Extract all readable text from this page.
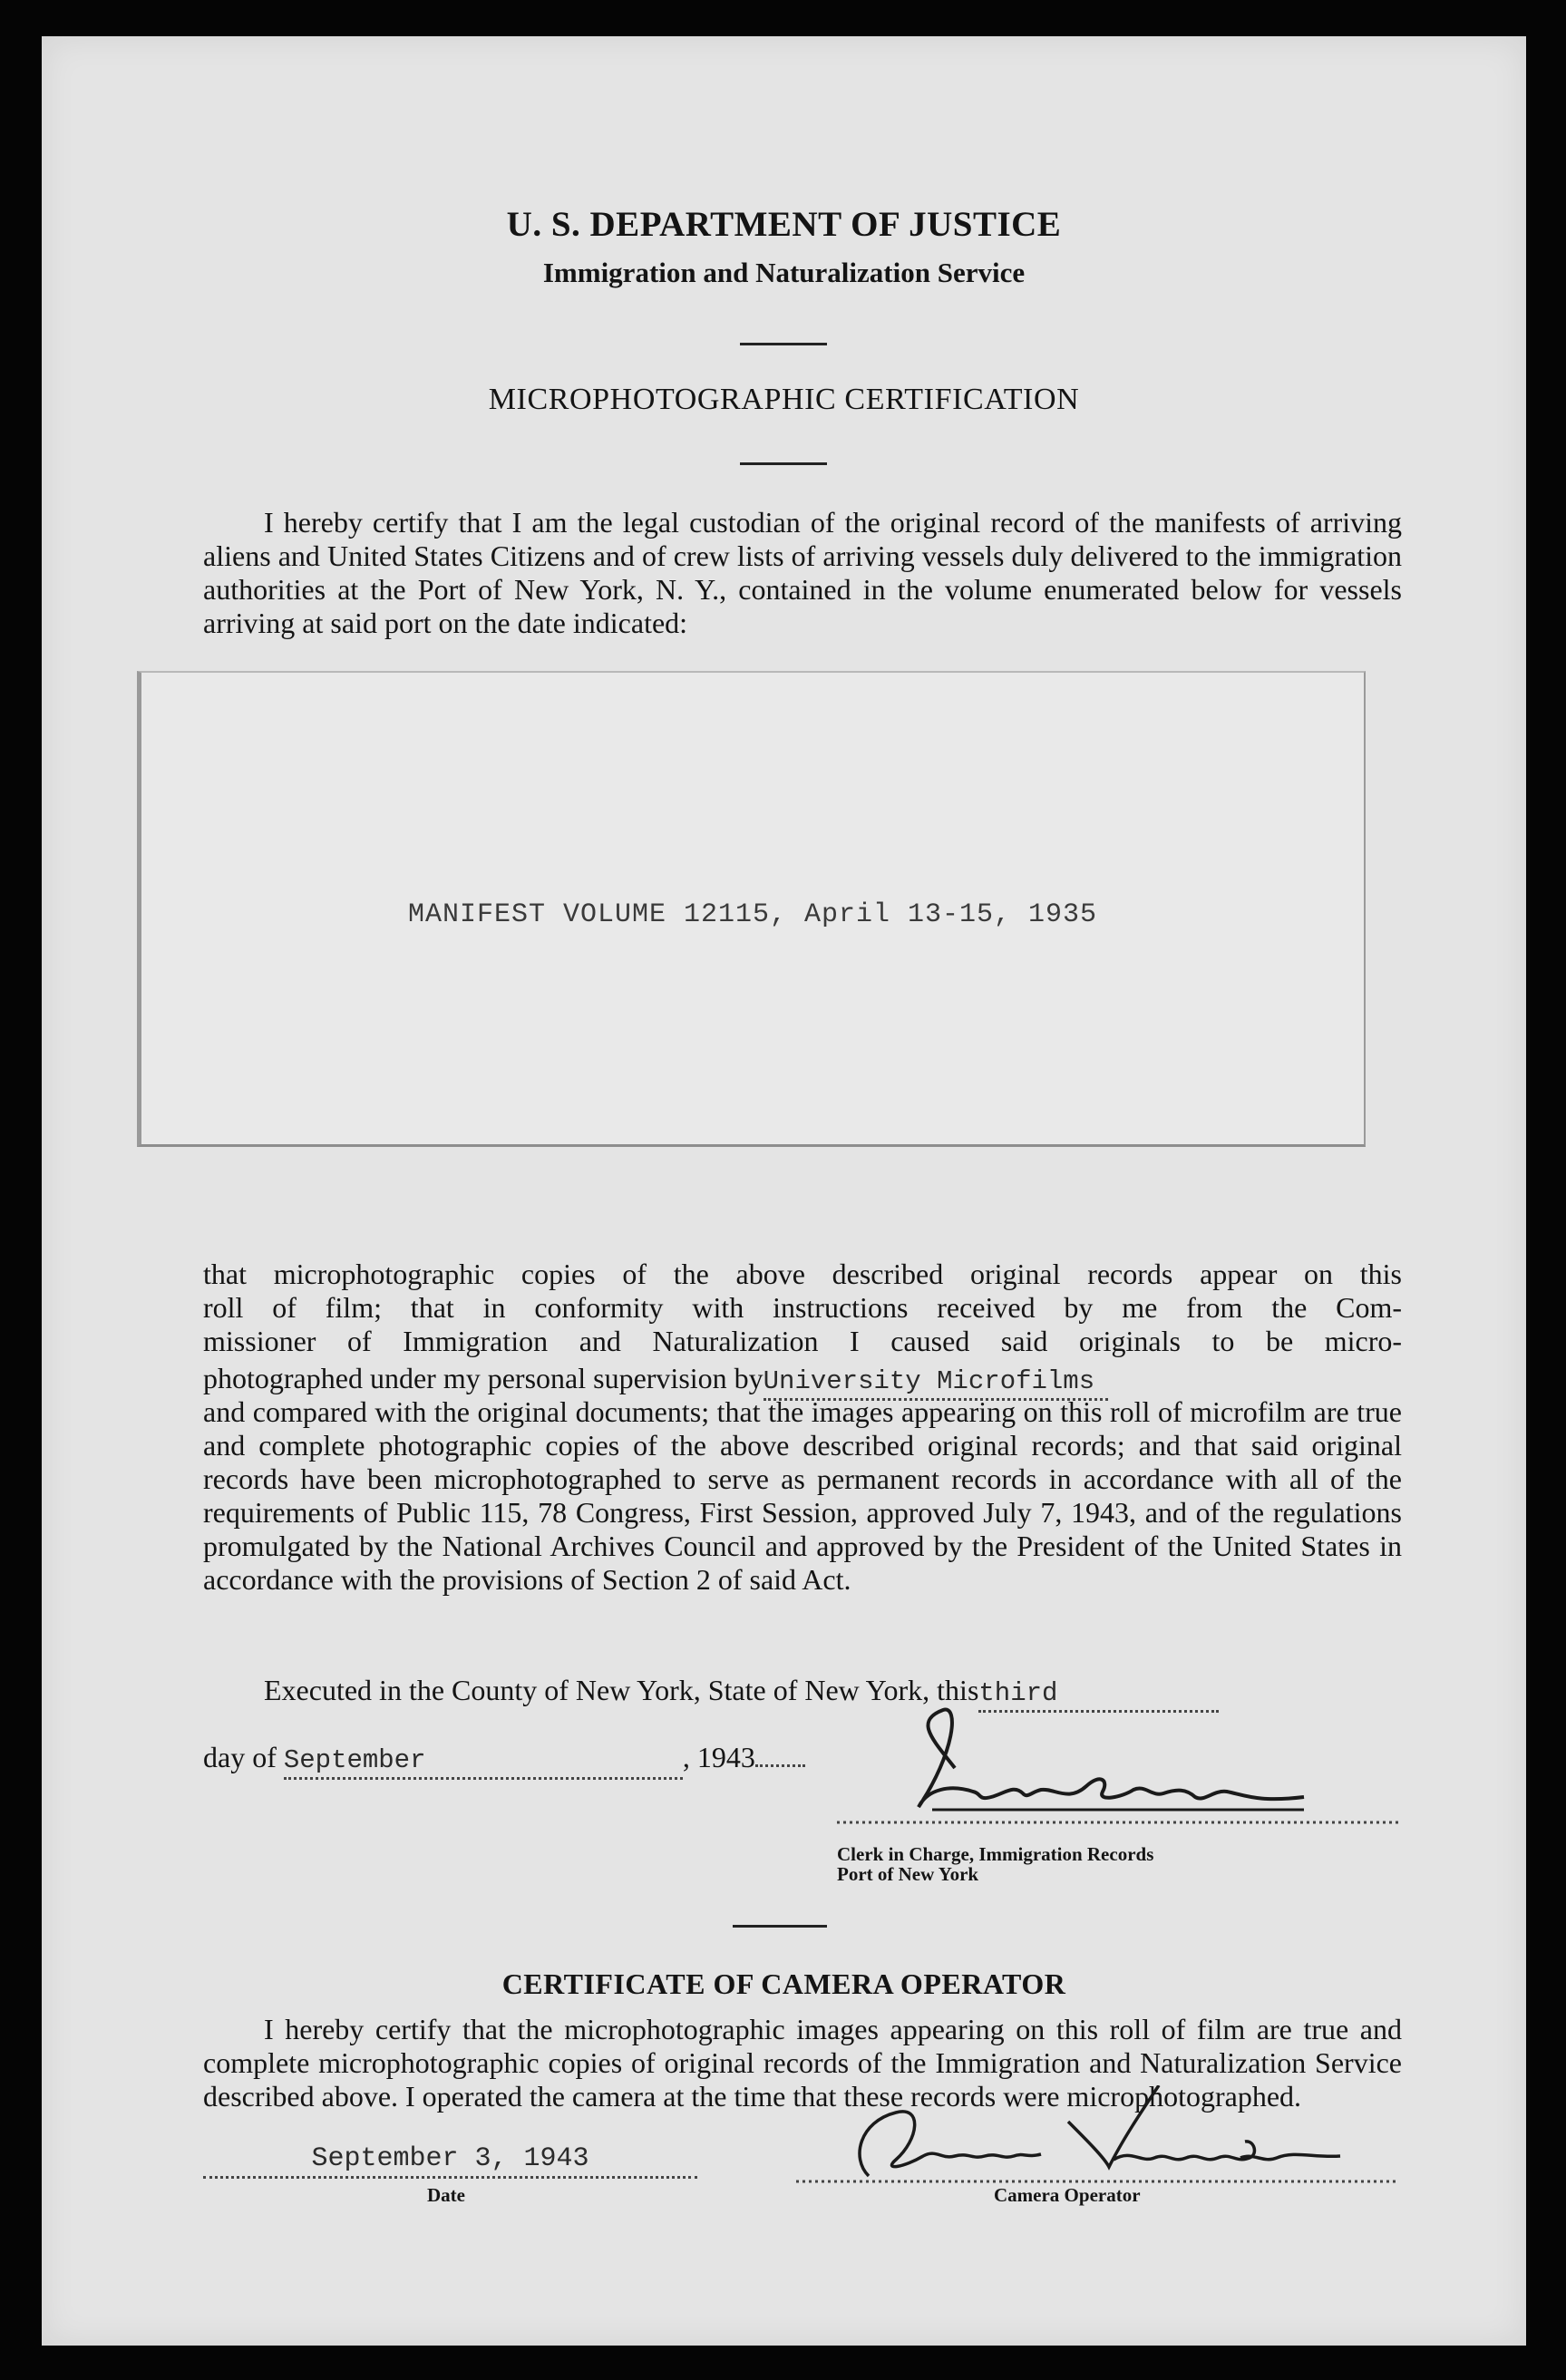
U. S. DEPARTMENT OF JUSTICE
Immigration and Naturalization Service
MICROPHOTOGRAPHIC CERTIFICATION
I hereby certify that I am the legal custodian of the original record of the manifests of arriving aliens and United States Citizens and of crew lists of arriving vessels duly delivered to the immigration authorities at the Port of New York, N. Y., contained in the volume enumerated below for vessels arriving at said port on the date indicated:
MANIFEST VOLUME 12115, April 13-15, 1935
that microphotographic copies of the above described original records appear on this
roll of film; that in conformity with instructions received by me from the Com-
missioner of Immigration and Naturalization I caused said originals to be micro-
photographed under my personal supervision byUniversity Microfilms
and compared with the original documents; that the images appearing on this roll of microfilm are true and complete photographic copies of the above described original records; and that said original records have been microphotographed to serve as permanent records in accordance with all of the requirements of Public 115, 78 Congress, First Session, approved July 7, 1943, and of the regulations promulgated by the National Archives Council and approved by the President of the United States in accordance with the provisions of Section 2 of said Act.
Executed in the County of New York, State of New York, thisthird
day of September	, 1943
Clerk in Charge, Immigration Records
Port of New York
CERTIFICATE OF CAMERA OPERATOR
I hereby certify that the microphotographic images appearing on this roll of film are true and complete microphotographic copies of original records of the Immigration and Naturalization Service described above. I operated the camera at the time that these records were microphotographed.
September 3, 1943
Date	Camera Operator
